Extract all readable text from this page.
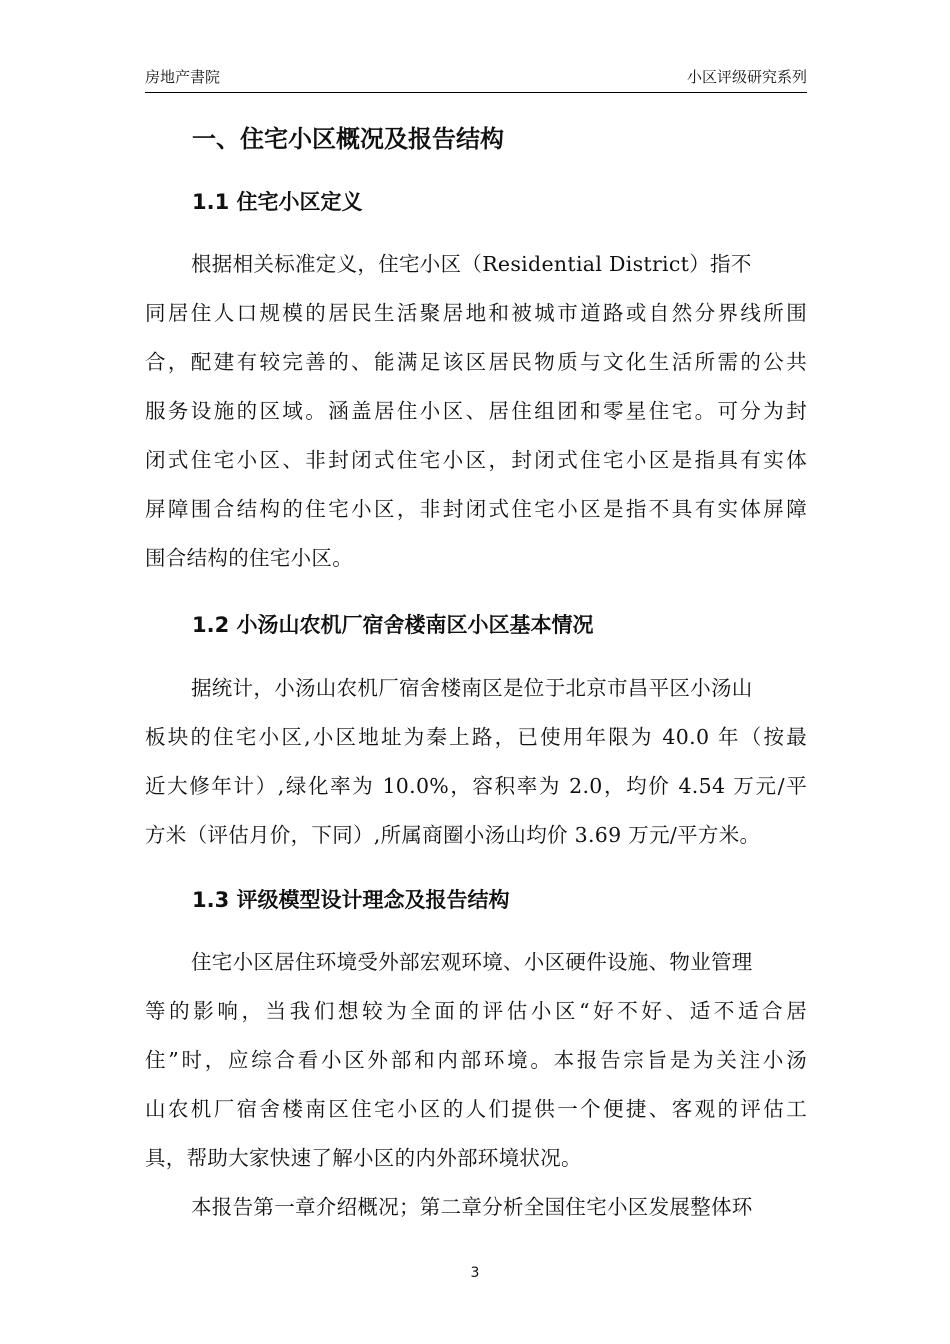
房地产書院	小区评级研究系列
一、住宅小区概况及报告结构
1.1 住宅小区定义
根据相关标准定义，住宅小区（Residential District）指不
同居住人口规模的居民生活聚居地和被城市道路或自然分界线所围
合，配建有较完善的、能满足该区居民物质与文化生活所需的公共
服务设施的区域。涵盖居住小区、居住组团和零星住宅。可分为封
闭式住宅小区、非封闭式住宅小区，封闭式住宅小区是指具有实体
屏障围合结构的住宅小区，非封闭式住宅小区是指不具有实体屏障
围合结构的住宅小区。
1.2 小汤山农机厂宿舍楼南区小区基本情况
据统计，小汤山农机厂宿舍楼南区是位于北京市昌平区小汤山
板块的住宅小区,小区地址为秦上路，已使用年限为 40.0 年（按最
近大修年计）,绿化率为 10.0%，容积率为 2.0，均价 4.54 万元/平
方米（评估月价，下同）,所属商圈小汤山均价 3.69 万元/平方米。
1.3 评级模型设计理念及报告结构
住宅小区居住环境受外部宏观环境、小区硬件设施、物业管理
等的影响，当我们想较为全面的评估小区“好不好、适不适合居
住”时，应综合看小区外部和内部环境。本报告宗旨是为关注小汤
山农机厂宿舍楼南区住宅小区的人们提供一个便捷、客观的评估工
具，帮助大家快速了解小区的内外部环境状况。
本报告第一章介绍概况；第二章分析全国住宅小区发展整体环
3
